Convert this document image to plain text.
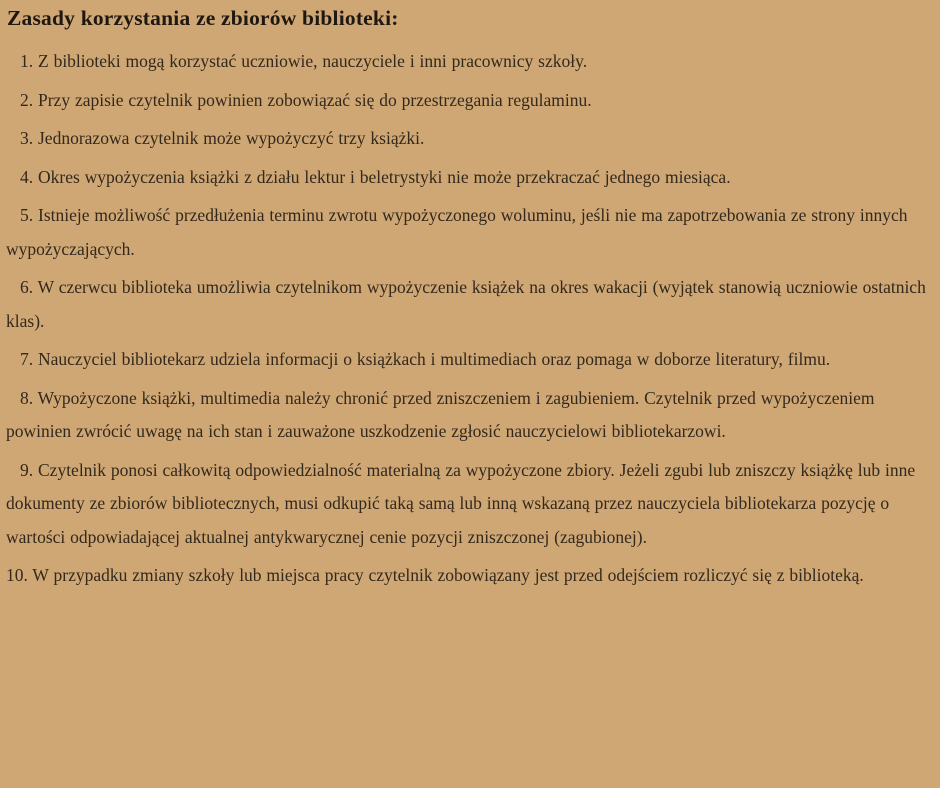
Zasady korzystania ze zbiorów biblioteki:

1. Z biblioteki mogą korzystać uczniowie, nauczyciele i inni pracownicy szkoły.

2. Przy zapisie czytelnik powinien zobowiązać się do przestrzegania regulaminu.

3. Jednorazowa czytelnik może wypożyczyć trzy książki.

4. Okres wypożyczenia książki z działu lektur i beletrystyki nie może przekraczać jednego miesiąca.

5. Istnieje możliwość przedłużenia terminu zwrotu wypożyczonego woluminu, jeśli nie ma zapotrzebowania ze strony innych wypożyczających.

6. W czerwcu biblioteka umożliwia czytelnikom wypożyczenie książek na okres wakacji (wyjątek stanowią uczniowie ostatnich klas).

7. Nauczyciel bibliotekarz udziela informacji o książkach i multimediach oraz pomaga w doborze literatury, filmu.

8. Wypożyczone książki, multimedia należy chronić przed zniszczeniem i zagubieniem. Czytelnik przed wypożyczeniem powinien zwrócić uwagę na ich stan i zauważone uszkodzenie zgłosić nauczycielowi bibliotekarzowi.

9. Czytelnik ponosi całkowitą odpowiedzialność materialną za wypożyczone zbiory. Jeżeli zgubi lub zniszczy książkę lub inne dokumenty ze zbiorów bibliotecznych, musi odkupić taką samą lub inną wskazaną przez nauczyciela bibliotekarza pozycję o wartości odpowiadającej aktualnej antykwarycznej cenie pozycji zniszczonej (zagubionej).

10. W przypadku zmiany szkoły lub miejsca pracy czytelnik zobowiązany jest przed odejściem rozliczyć się z biblioteką.
